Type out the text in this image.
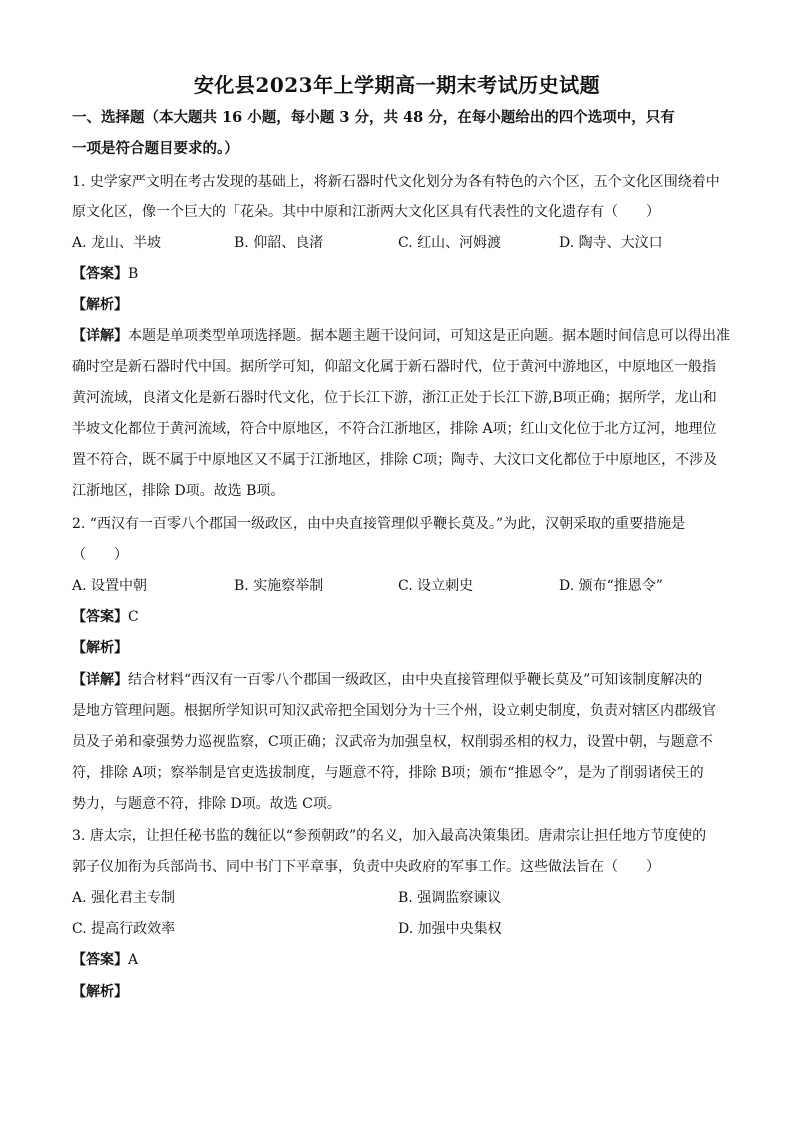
安化县2023年上学期高一期末考试历史试题
一、选择题（本大题共 16 小题，每小题 3 分，共 48 分，在每小题给出的四个选项中，只有
一项是符合题目要求的。）
1. 史学家严文明在考古发现的基础上，将新石器时代文化划分为各有特色的六个区，五个文化区围绕着中
原文化区，像一个巨大的「花朵。其中中原和江浙两大文化区具有代表性的文化遗存有（　　）
A. 龙山、半坡	B. 仰韶、良渚	C. 红山、河姆渡	D. 陶寺、大汶口
【答案】B
【解析】
【详解】本题是单项类型单项选择题。据本题主题干设问词，可知这是正向题。据本题时间信息可以得出准
确时空是新石器时代中国。据所学可知，仰韶文化属于新石器时代，位于黄河中游地区，中原地区一般指
黄河流域，良渚文化是新石器时代文化，位于长江下游，浙江正处于长江下游,B项正确；据所学，龙山和
半坡文化都位于黄河流域，符合中原地区，不符合江浙地区，排除 A项；红山文化位于北方辽河，地理位
置不符合，既不属于中原地区又不属于江浙地区，排除 C项；陶寺、大汶口文化都位于中原地区，不涉及
江浙地区，排除 D项。故选 B项。
2. “西汉有一百零八个郡国一级政区，由中央直接管理似乎鞭长莫及。”为此，汉朝采取的重要措施是
（　　）
A. 设置中朝	B. 实施察举制	C. 设立刺史	D. 颁布“推恩令”
【答案】C
【解析】
【详解】结合材料“西汉有一百零八个郡国一级政区，由中央直接管理似乎鞭长莫及”可知该制度解决的
是地方管理问题。根据所学知识可知汉武帝把全国划分为十三个州，设立刺史制度，负责对辖区内郡级官
员及子弟和豪强势力巡视监察，C项正确；汉武帝为加强皇权，权削弱丞相的权力，设置中朝，与题意不
符，排除 A项；察举制是官吏选拔制度，与题意不符，排除 B项；颁布“推恩令”，是为了削弱诸侯王的
势力，与题意不符，排除 D项。故选 C项。
3. 唐太宗，让担任秘书监的魏征以“参预朝政”的名义，加入最高决策集团。唐肃宗让担任地方节度使的
郭子仪加衔为兵部尚书、同中书门下平章事，负责中央政府的军事工作。这些做法旨在（　　）
A. 强化君主专制	B. 强调监察谏议
C. 提高行政效率	D. 加强中央集权
【答案】A
【解析】
